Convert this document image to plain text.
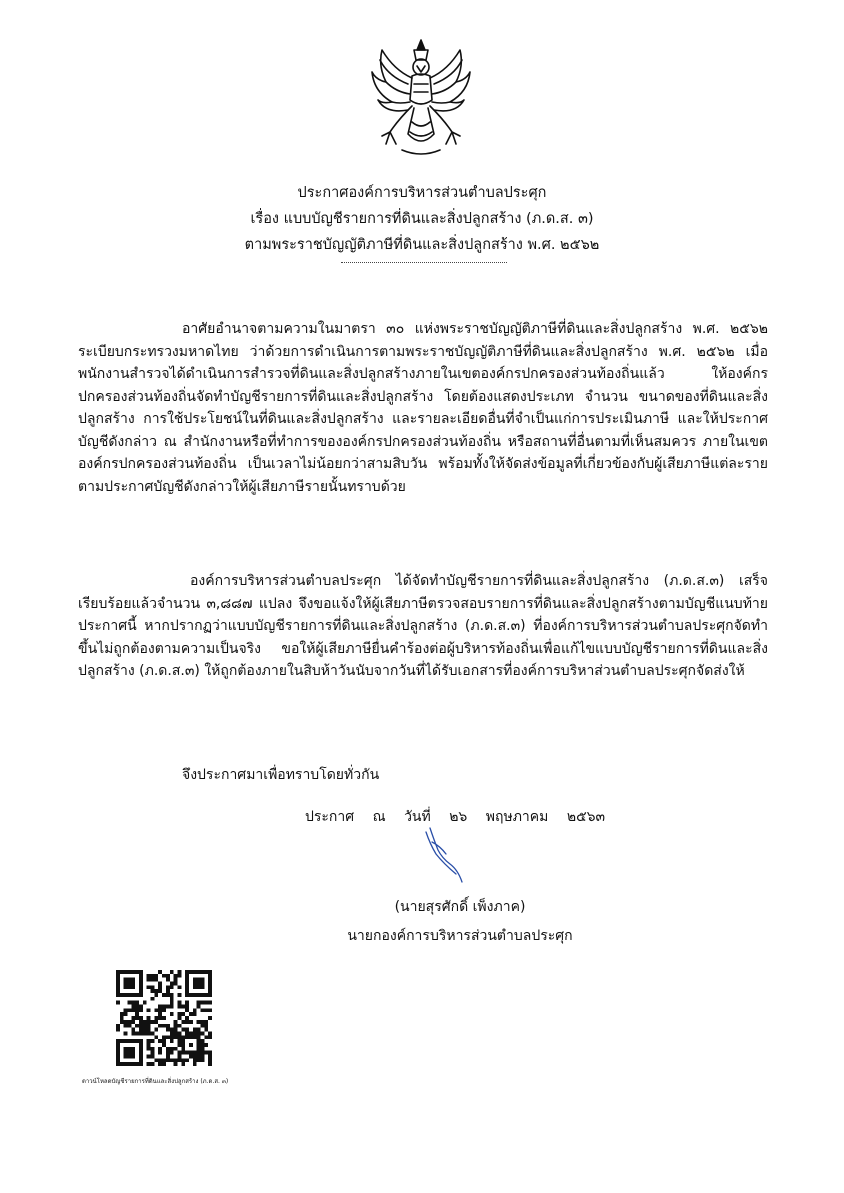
ประกาศองค์การบริหารส่วนตำบลประศุก
เรื่อง แบบบัญชีรายการที่ดินและสิ่งปลูกสร้าง (ภ.ด.ส. ๓)
ตามพระราชบัญญัติภาษีที่ดินและสิ่งปลูกสร้าง พ.ศ. ๒๕๖๒

อาศัยอำนาจตามความในมาตรา ๓๐ แห่งพระราชบัญญัติภาษีที่ดินและสิ่งปลูกสร้าง พ.ศ. ๒๕๖๒ ระเบียบกระทรวงมหาดไทย ว่าด้วยการดำเนินการตามพระราชบัญญัติภาษีที่ดินและสิ่งปลูกสร้าง พ.ศ. ๒๕๖๒ เมื่อพนักงานสำรวจได้ดำเนินการสำรวจที่ดินและสิ่งปลูกสร้างภายในเขตองค์กรปกครองส่วนท้องถิ่นแล้ว ให้องค์กรปกครองส่วนท้องถิ่นจัดทำบัญชีรายการที่ดินและสิ่งปลูกสร้าง โดยต้องแสดงประเภท จำนวน ขนาดของที่ดินและสิ่งปลูกสร้าง การใช้ประโยชน์ในที่ดินและสิ่งปลูกสร้าง และรายละเอียดอื่นที่จำเป็นแก่การประเมินภาษี และให้ประกาศบัญชีดังกล่าว ณ สำนักงานหรือที่ทำการขององค์กรปกครองส่วนท้องถิ่น หรือสถานที่อื่นตามที่เห็นสมควร ภายในเขตองค์กรปกครองส่วนท้องถิ่น เป็นเวลาไม่น้อยกว่าสามสิบวัน พร้อมทั้งให้จัดส่งข้อมูลที่เกี่ยวข้องกับผู้เสียภาษีแต่ละรายตามประกาศบัญชีดังกล่าวให้ผู้เสียภาษีรายนั้นทราบด้วย

องค์การบริหารส่วนตำบลประศุก ได้จัดทำบัญชีรายการที่ดินและสิ่งปลูกสร้าง (ภ.ด.ส.๓) เสร็จเรียบร้อยแล้วจำนวน ๓,๘๘๗ แปลง จึงขอแจ้งให้ผู้เสียภาษีตรวจสอบรายการที่ดินและสิ่งปลูกสร้างตามบัญชีแนบท้ายประกาศนี้ หากปรากฏว่าแบบบัญชีรายการที่ดินและสิ่งปลูกสร้าง (ภ.ด.ส.๓) ที่องค์การบริหารส่วนตำบลประศุกจัดทำขึ้นไม่ถูกต้องตามความเป็นจริง ขอให้ผู้เสียภาษียื่นคำร้องต่อผู้บริหารท้องถิ่นเพื่อแก้ไขแบบบัญชีรายการที่ดินและสิ่งปลูกสร้าง (ภ.ด.ส.๓) ให้ถูกต้องภายในสิบห้าวันนับจากวันที่ได้รับเอกสารที่องค์การบริหาส่วนตำบลประศุกจัดส่งให้

จึงประกาศมาเพื่อทราบโดยทั่วกัน

ประกาศ ณ วันที่ ๒๖ พฤษภาคม ๒๕๖๓
(นายสุรศักดิ์ เพ็งภาค)
นายกองค์การบริหารส่วนตำบลประศุก
ดาวน์โหลดบัญชีรายการที่ดินและสิ่งปลูกสร้าง (ภ.ด.ส. ๓)
